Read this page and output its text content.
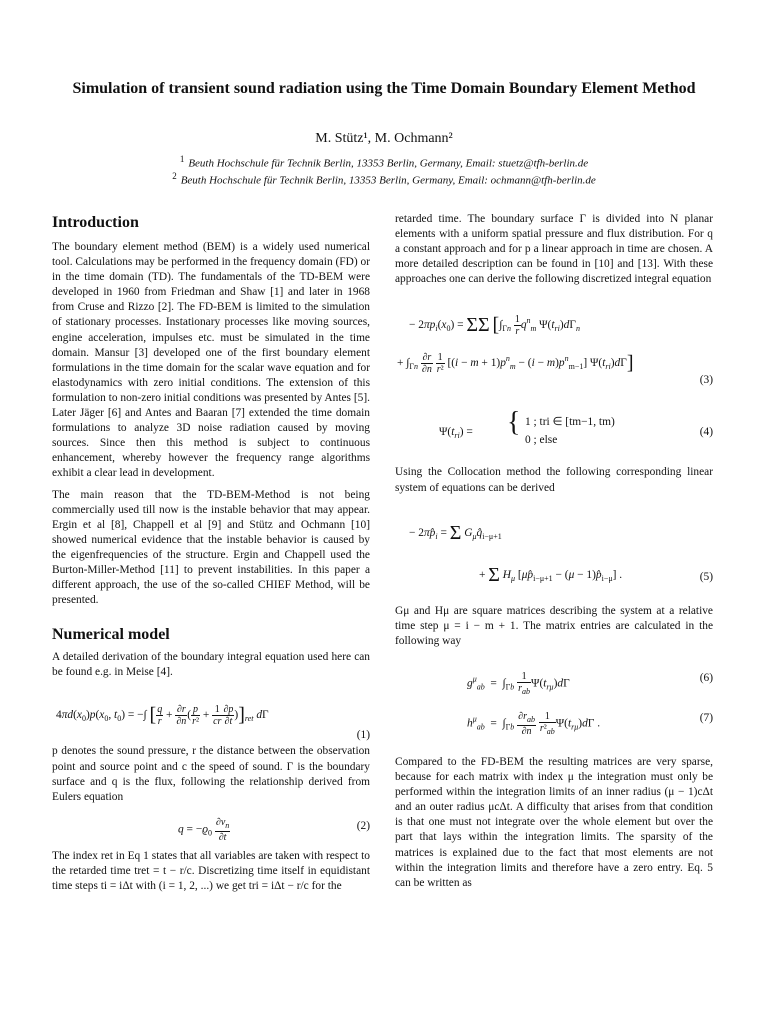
Simulation of transient sound radiation using the Time Domain Boundary Element Method
M. Stütz¹, M. Ochmann²
$^1$ Beuth Hochschule für Technik Berlin, 13353 Berlin, Germany, Email: stuetz@tfh-berlin.de
$^2$ Beuth Hochschule für Technik Berlin, 13353 Berlin, Germany, Email: ochmann@tfh-berlin.de
Introduction

The boundary element method (BEM) is a widely used numerical tool. Calculations may be performed in the frequency domain (FD) or in the time domain (TD). The fundamentals of the TD-BEM were developed in 1960 from Friedman and Shaw [1] and later in 1968 from Cruse and Rizzo [2]. The FD-BEM is limited to the simulation of stationary processes. Instationary processes like moving sources, engine acceleration, impulses etc. must be simulated in the time domain. Mansur [3] developed one of the first boundary element formulations in the time domain for the scalar wave equation and for elastodynamics with zero initial conditions. The extension of this formulation to non-zero initial conditions was presented by Antes [5]. Later Jäger [6] and Antes and Baaran [7] extended the time domain formulations to analyze 3D noise radiation caused by moving sources. Since then this method is subject to continuous enhancement, whereby however the frequency range algorithms exhibit a clear lead in development.

The main reason that the TD-BEM-Method is not being commercially used till now is the instable behavior that may appear. Ergin et al [8], Chappell et al [9] and Stütz and Ochmann [10] showed numerical evidence that the instable behavior is caused by the eigenfrequencies of the structure. Ergin and Chappell used the Burton-Miller-Method [11] to prevent instabilities. In this paper a different approach, the use of the so-called CHIEF Method, will be presented.

Numerical model

A detailed derivation of the boundary integral equation used here can be found e.g. in Meise [4].

$4\pi d(x_0)p(x_0$, $t_0$) = −∫ [ $\frac{q}{r} + \frac{\partial r}{\partial n}$ ( $\frac{p}{\text{r²}} + \frac{1}{cr} \frac{\partial p}{\partial t} )]_{ret}$ dΓ
(1)

p denotes the sound pressure, r the distance between the observation point and source point and c the speed of sound. Γ is the boundary surface and q is the flux, following the relationship derived from Eulers equation

$q = -ϱ_0 \frac{\partial v_n}{\partial t}$	(2)

The index ret in Eq 1 states that all variables are taken with respect to the retarded time tret = t − r/c. Discretizing time itself in equidistant time steps ti = iΔt with (i = 1, 2, ...) we get tri = iΔt − r/c for the

retarded time. The boundary surface Γ is divided into N planar elements with a uniform spatial pressure and flux distribution. For q a constant approach and for p a linear approach in time are chosen. A more detailed description can be found in [10] and [13]. With these approaches one can derive the following discretized integral equation

− $2\pi p_i(x_0) = \Sigma\Sigma$ [$\int_{\Gamma n} \frac{1}{r} q^n_m$ $\Psi(t_{ri})d\Gamma_n$
+ $\int_{\Gamma n} \frac{\partial r}{\partial n}$
$\frac{1}{\text{r²}} [(i - m + 1)p^n_m - (i - m)p^n_{m-1}]$ $\Psi(t_{ri})d\Gamma$]
(3)
$\Psi(t_{ri})$ = { 1 ; tri ∈ [tm−1, tm)
0 ; else
(4)

Using the Collocation method the following corresponding linear system of equations can be derived

− $2\pi p̂_i = \Sigma$ $G_\mu q̂_{i-\mu+1}$
+ Σ $H_\mu$ [$\mu p̂_{i-\mu+1} - (\mu$ − $1)p̂_{i-\mu}$] .	(5)

Gμ and Hμ are square matrices describing the system at a relative time step μ = i − m + 1. The matrix entries are calculated in the following way

$g^\mu_{ab} = \int_{\Gamma b} \frac{1}{r_{ab}} \Psi(t_{r\mu})d\Gamma$	(6)
$h^\mu_{ab} = \int_{\Gamma b} \frac{\partial r_{ab}}{\partial n}$
$\frac{1}{r^2_{ab}} \Psi(t_{r\mu})d\Gamma$ .	(7)

Compared to the FD-BEM the resulting matrices are very sparse, because for each matrix with index μ the integration must only be performed within the integration limits of an inner radius (μ − 1)cΔt and an outer radius μcΔt. A difficulty that arises from that condition is that one must not integrate over the whole element but over the part that lays within the integration limits. The sparsity of the matrices is explained due to the fact that most elements are not within the integration limits and therefore have a zero entry. Eq. 5 can be written as
